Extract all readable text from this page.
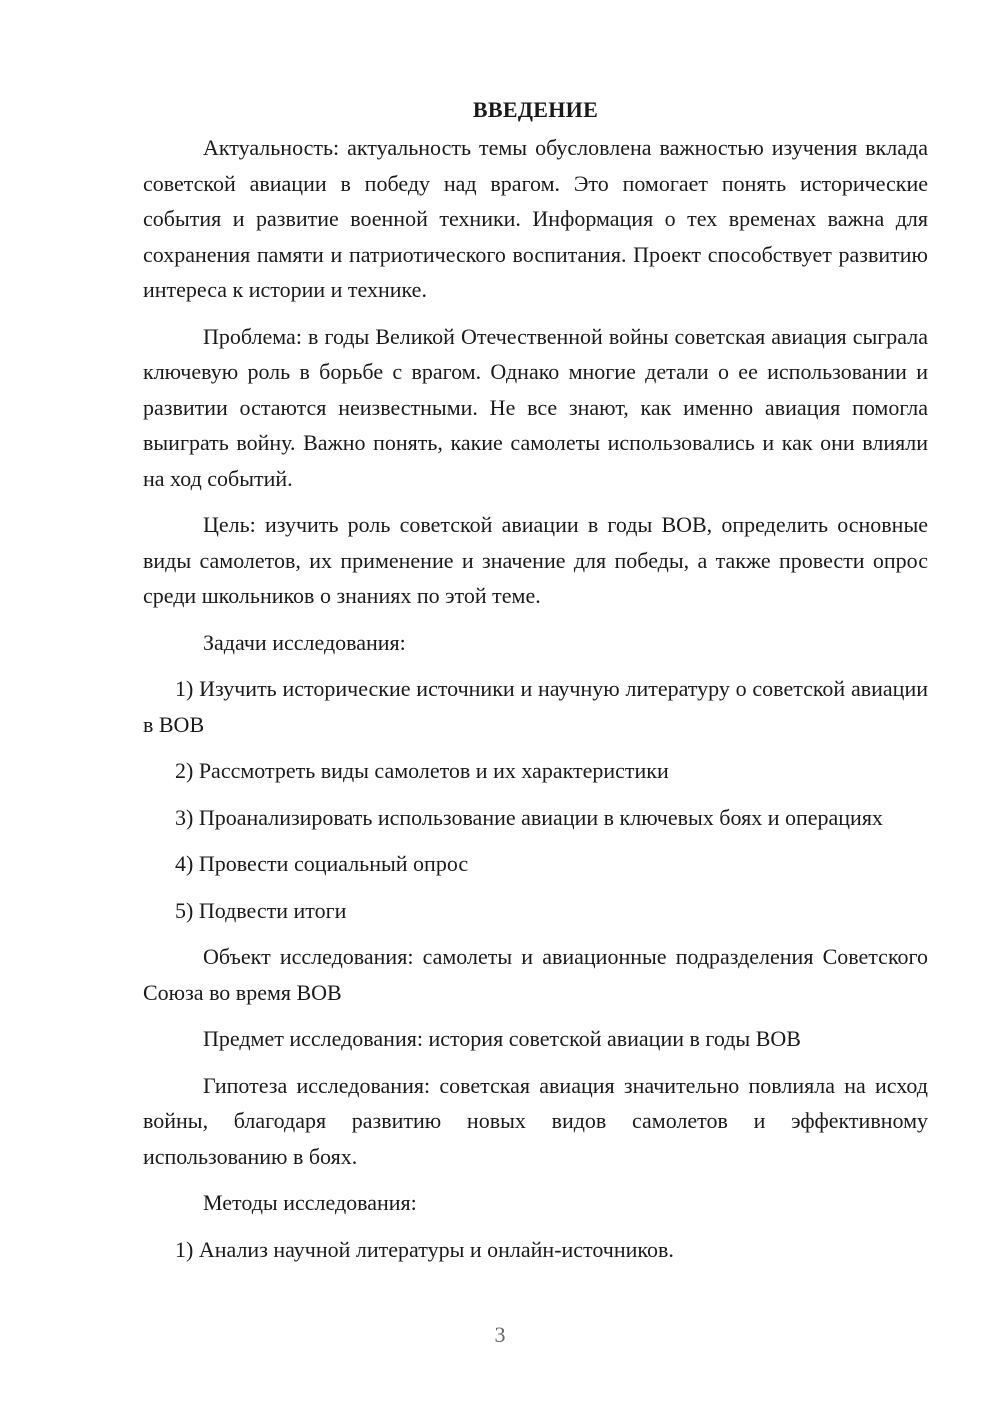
ВВЕДЕНИЕ

Актуальность: актуальность темы обусловлена важностью изучения вклада советской авиации в победу над врагом. Это помогает понять исторические события и развитие военной техники. Информация о тех временах важна для сохранения памяти и патриотического воспитания. Проект способствует развитию интереса к истории и технике.

Проблема: в годы Великой Отечественной войны советская авиация сыграла ключевую роль в борьбе с врагом. Однако многие детали о ее использовании и развитии остаются неизвестными. Не все знают, как именно авиация помогла выиграть войну. Важно понять, какие самолеты использовались и как они влияли на ход событий.

Цель: изучить роль советской авиации в годы ВОВ, определить основные виды самолетов, их применение и значение для победы, а также провести опрос среди школьников о знаниях по этой теме.

Задачи исследования:

1) Изучить исторические источники и научную литературу о советской авиации в ВОВ

2) Рассмотреть виды самолетов и их характеристики

3) Проанализировать использование авиации в ключевых боях и операциях

4) Провести социальный опрос

5) Подвести итоги

Объект исследования: самолеты и авиационные подразделения Советского Союза во время ВОВ

Предмет исследования: история советской авиации в годы ВОВ

Гипотеза исследования: советская авиация значительно повлияла на исход войны, благодаря развитию новых видов самолетов и эффективному использованию в боях.

Методы исследования:

1) Анализ научной литературы и онлайн-источников.

3
